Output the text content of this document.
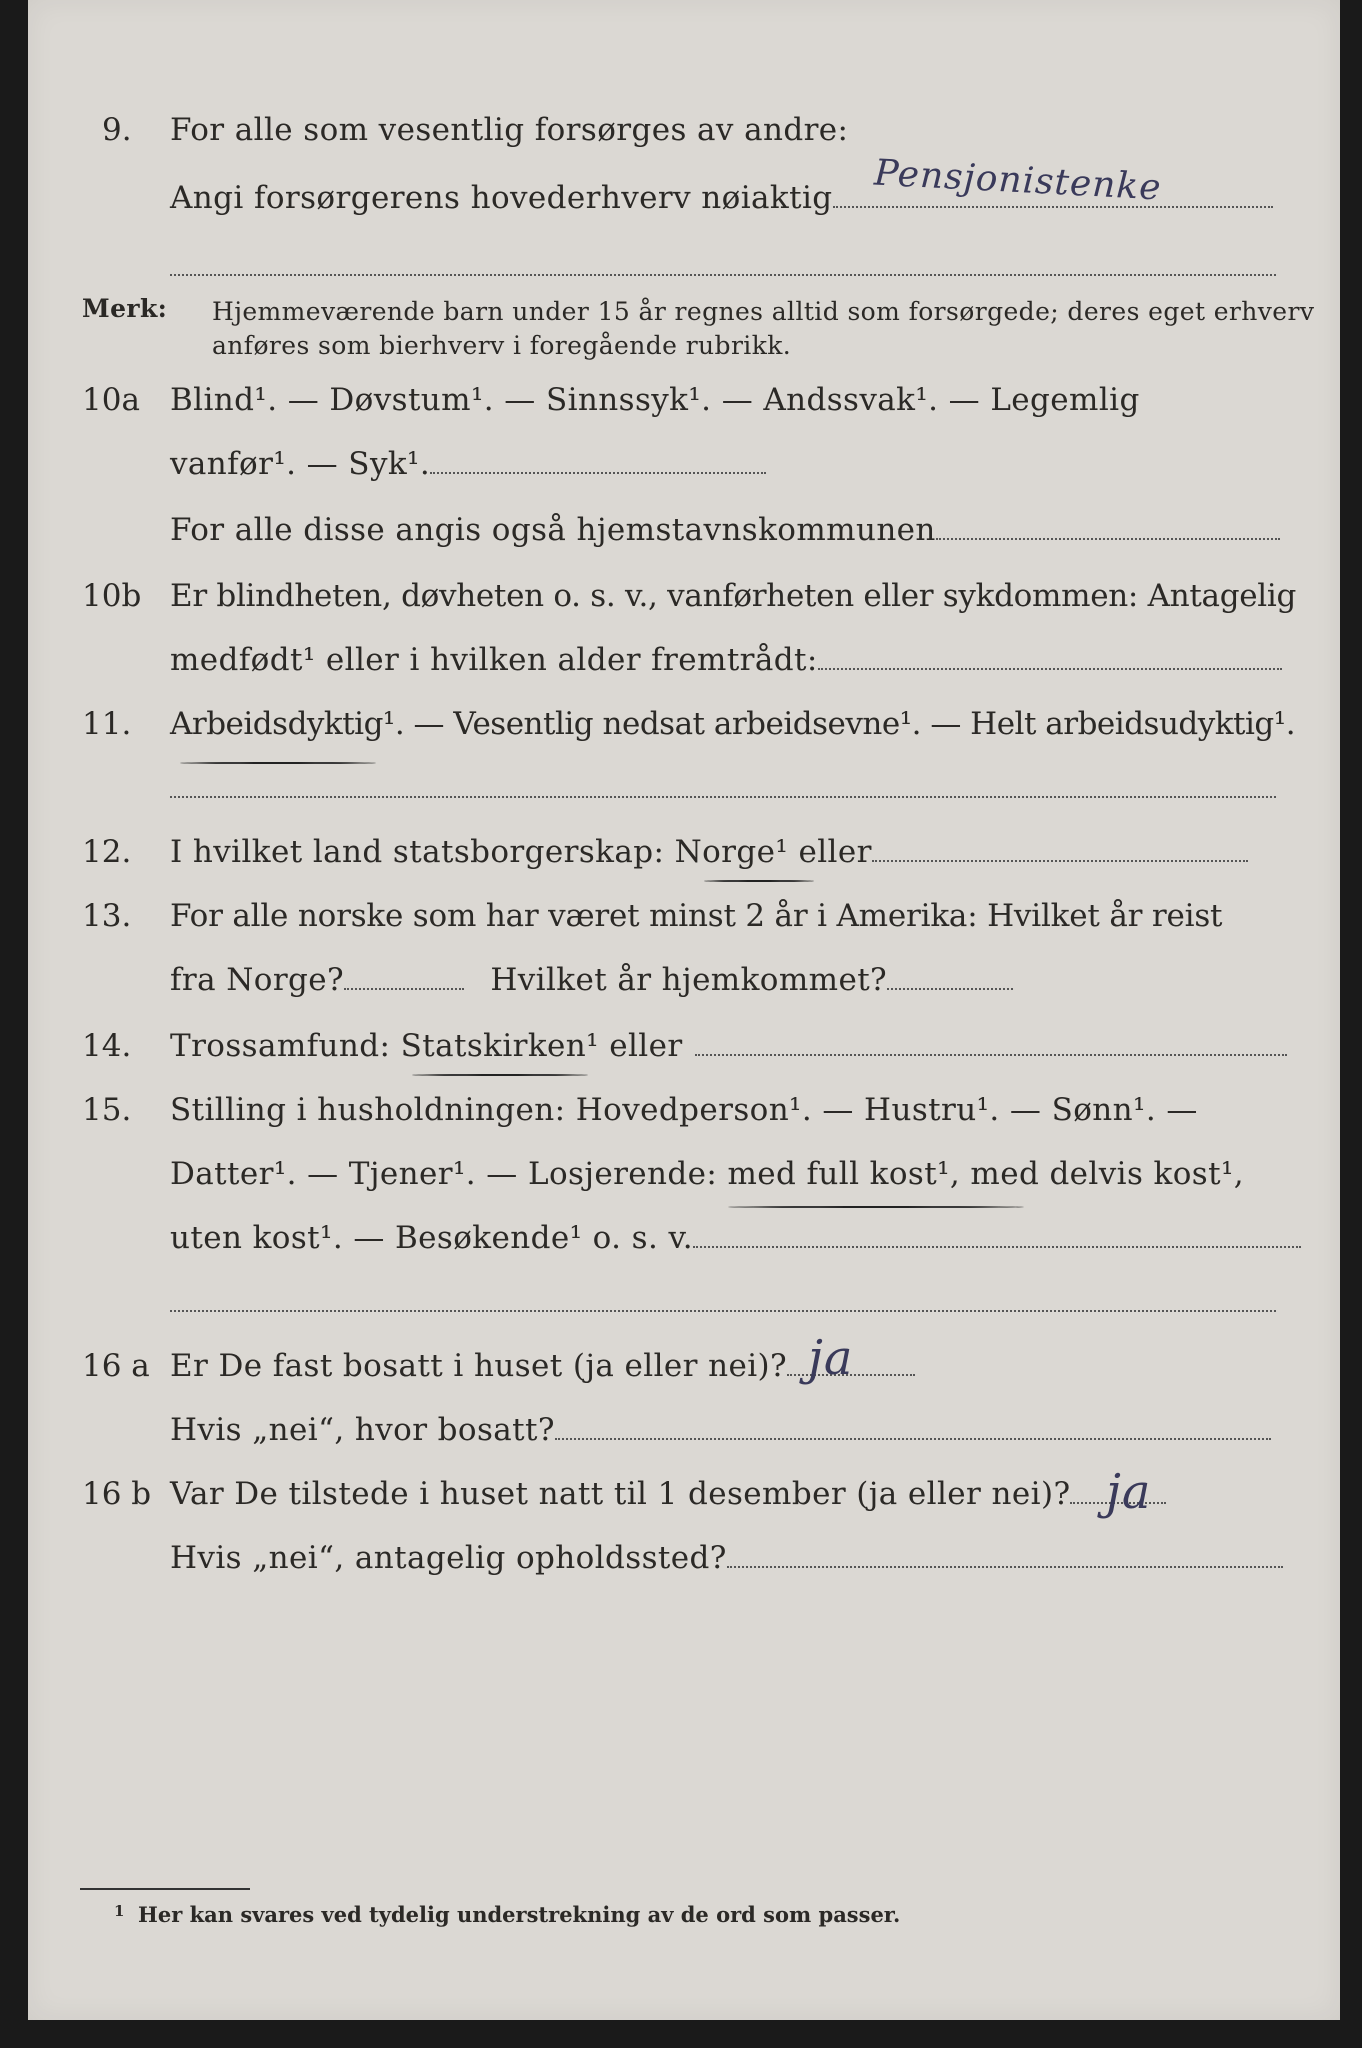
9. For alle som vesentlig forsørges av andre:
Angi forsørgerens hovederhverv nøiaktig	Pensjonistenke
Merk: Hjemmeværende barn under 15 år regnes alltid som forsørgede; deres eget erhverv
anføres som bierhverv i foregående rubrikk.
10a Blind¹. — Døvstum¹. — Sinnssyk¹. — Andssvak¹. — Legemlig
vanfør¹. — Syk¹.
For alle disse angis også hjemstavnskommunen
10b Er blindheten, døvheten o. s. v., vanførheten eller sykdommen: Antagelig
medfødt¹ eller i hvilken alder fremtrådt:
11. Arbeidsdyktig¹. — Vesentlig nedsat arbeidsevne¹. — Helt arbeidsudyktig¹.
12. I hvilket land statsborgerskap: Norge¹ eller
13. For alle norske som har været minst 2 år i Amerika: Hvilket år reist
fra Norge?	Hvilket år hjemkommet?
14. Trossamfund: Statskirken¹ eller
15. Stilling i husholdningen: Hovedperson¹. — Hustru¹. — Sønn¹. —
Datter¹. — Tjener¹. — Losjerende: med full kost¹, med delvis kost¹,
uten kost¹. — Besøkende¹ o. s. v.
16 a Er De fast bosatt i huset (ja eller nei)? ja
Hvis „nei“, hvor bosatt?
16 b Var De tilstede i huset natt til 1 desember (ja eller nei)? ja
Hvis „nei“, antagelig opholdssted?
1 Her kan svares ved tydelig understrekning av de ord som passer.
